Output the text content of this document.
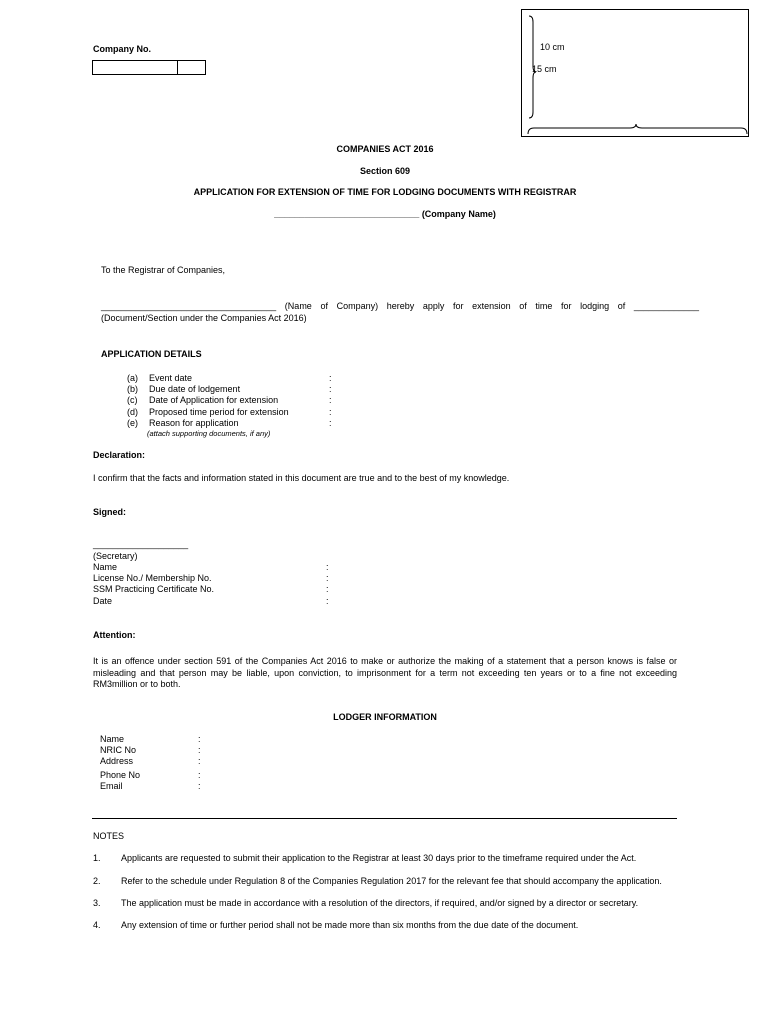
Company No.	10 cm
15 cm
COMPANIES ACT 2016
Section 609
APPLICATION FOR EXTENSION OF TIME FOR LODGING DOCUMENTS WITH REGISTRAR
_____________________________ (Company Name)
To the Registrar of Companies,
___________________________________ (Name of Company) hereby apply for extension of time for lodging of _____________
(Document/Section under the Companies Act 2016)
APPLICATION DETAILS
(a) Event date	:
(b) Due date of lodgement	:
(c) Date of Application for extension	:
(d) Proposed time period for extension	:
(e) Reason for application	:
(attach supporting documents, if any)
Declaration:
I confirm that the facts and information stated in this document are true and to the best of my knowledge.
Signed:
___________________
(Secretary)
Name	:
License No./ Membership No.	:
SSM Practicing Certificate No.	:
Date	:
Attention:
It is an offence under section 591 of the Companies Act 2016 to make or authorize the making of a statement that a person knows is false or misleading and that person may be liable, upon conviction, to imprisonment for a term not exceeding ten years or to a fine not exceeding RM3million or to both.
LODGER INFORMATION
Name	:
NRIC No	:
Address	:
Phone No	:
Email	:
NOTES
1. Applicants are requested to submit their application to the Registrar at least 30 days prior to the timeframe required under the Act.
2. Refer to the schedule under Regulation 8 of the Companies Regulation 2017 for the relevant fee that should accompany the application.
3. The application must be made in accordance with a resolution of the directors, if required, and/or signed by a director or secretary.
4. Any extension of time or further period shall not be made more than six months from the due date of the document.
